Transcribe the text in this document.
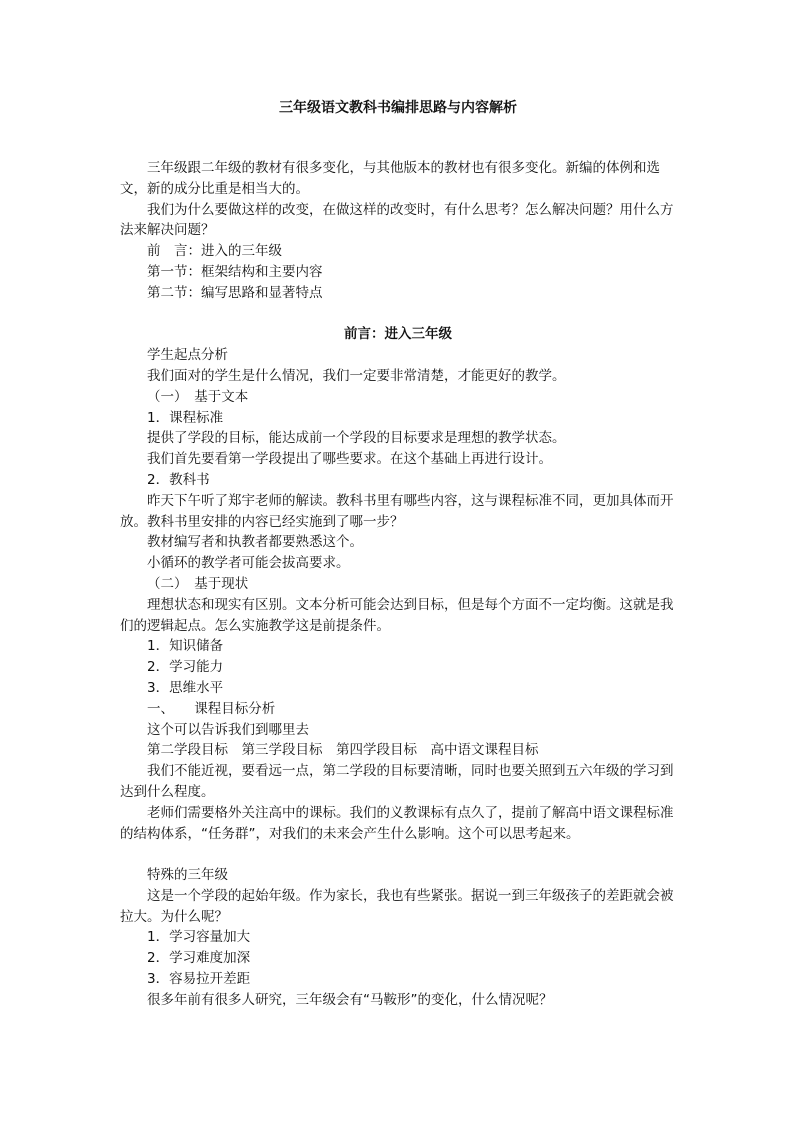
三年级语文教科书编排思路与内容解析
三年级跟二年级的教材有很多变化，与其他版本的教材也有很多变化。新编的体例和选文，新的成分比重是相当大的。
我们为什么要做这样的改变，在做这样的改变时，有什么思考？怎么解决问题？用什么方法来解决问题？
前　言：进入的三年级
第一节：框架结构和主要内容
第二节：编写思路和显著特点
前言：进入三年级
学生起点分析
我们面对的学生是什么情况，我们一定要非常清楚，才能更好的教学。
（一）　基于文本
1．课程标准
提供了学段的目标，能达成前一个学段的目标要求是理想的教学状态。
我们首先要看第一学段提出了哪些要求。在这个基础上再进行设计。
2．教科书
昨天下午听了郑宇老师的解读。教科书里有哪些内容，这与课程标准不同，更加具体而开放。教科书里安排的内容已经实施到了哪一步？
教材编写者和执教者都要熟悉这个。
小循环的教学者可能会拔高要求。
（二）　基于现状
理想状态和现实有区别。文本分析可能会达到目标，但是每个方面不一定均衡。这就是我们的逻辑起点。怎么实施教学这是前提条件。
1．知识储备
2．学习能力
3．思维水平
一、　　课程目标分析
这个可以告诉我们到哪里去
第二学段目标　第三学段目标　第四学段目标　高中语文课程目标
我们不能近视，要看远一点，第二学段的目标要清晰，同时也要关照到五六年级的学习到达到什么程度。
老师们需要格外关注高中的课标。我们的义教课标有点久了，提前了解高中语文课程标准的结构体系，“任务群”，对我们的未来会产生什么影响。这个可以思考起来。
特殊的三年级
这是一个学段的起始年级。作为家长，我也有些紧张。据说一到三年级孩子的差距就会被拉大。为什么呢？
1．学习容量加大
2．学习难度加深
3．容易拉开差距
很多年前有很多人研究，三年级会有“马鞍形”的变化，什么情况呢？
